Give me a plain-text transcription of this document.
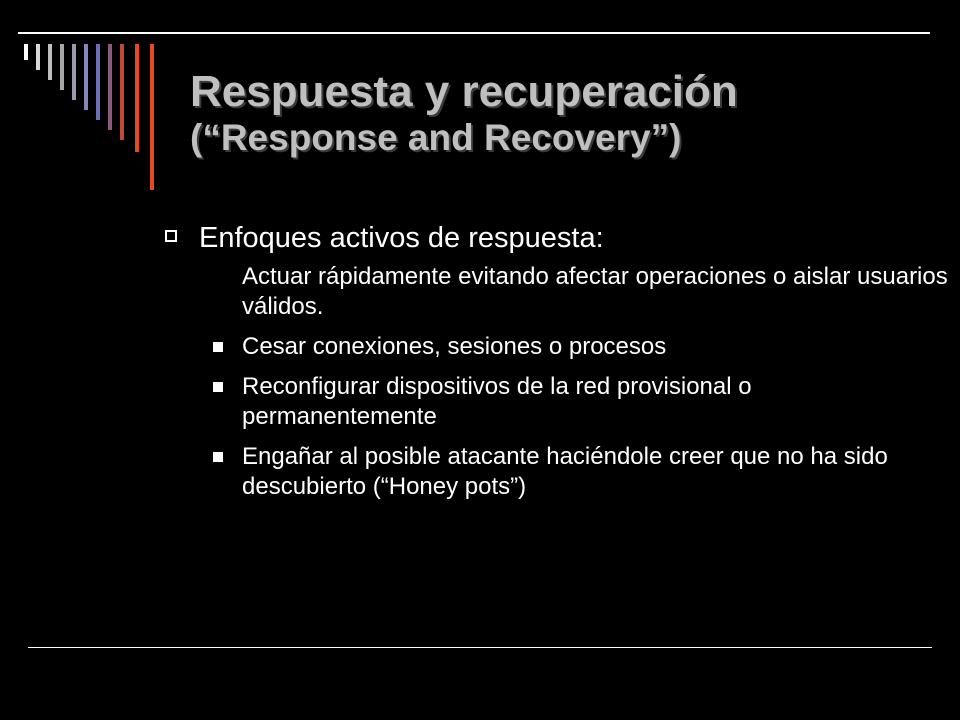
Respuesta y recuperación
(“Response and Recovery”)
Enfoques activos de respuesta:
Actuar rápidamente evitando afectar operaciones o aislar usuarios válidos.
Cesar conexiones, sesiones o procesos
Reconfigurar dispositivos de la red provisional o permanentemente
Engañar al posible atacante haciéndole creer que no ha sido descubierto (“Honey pots”)
